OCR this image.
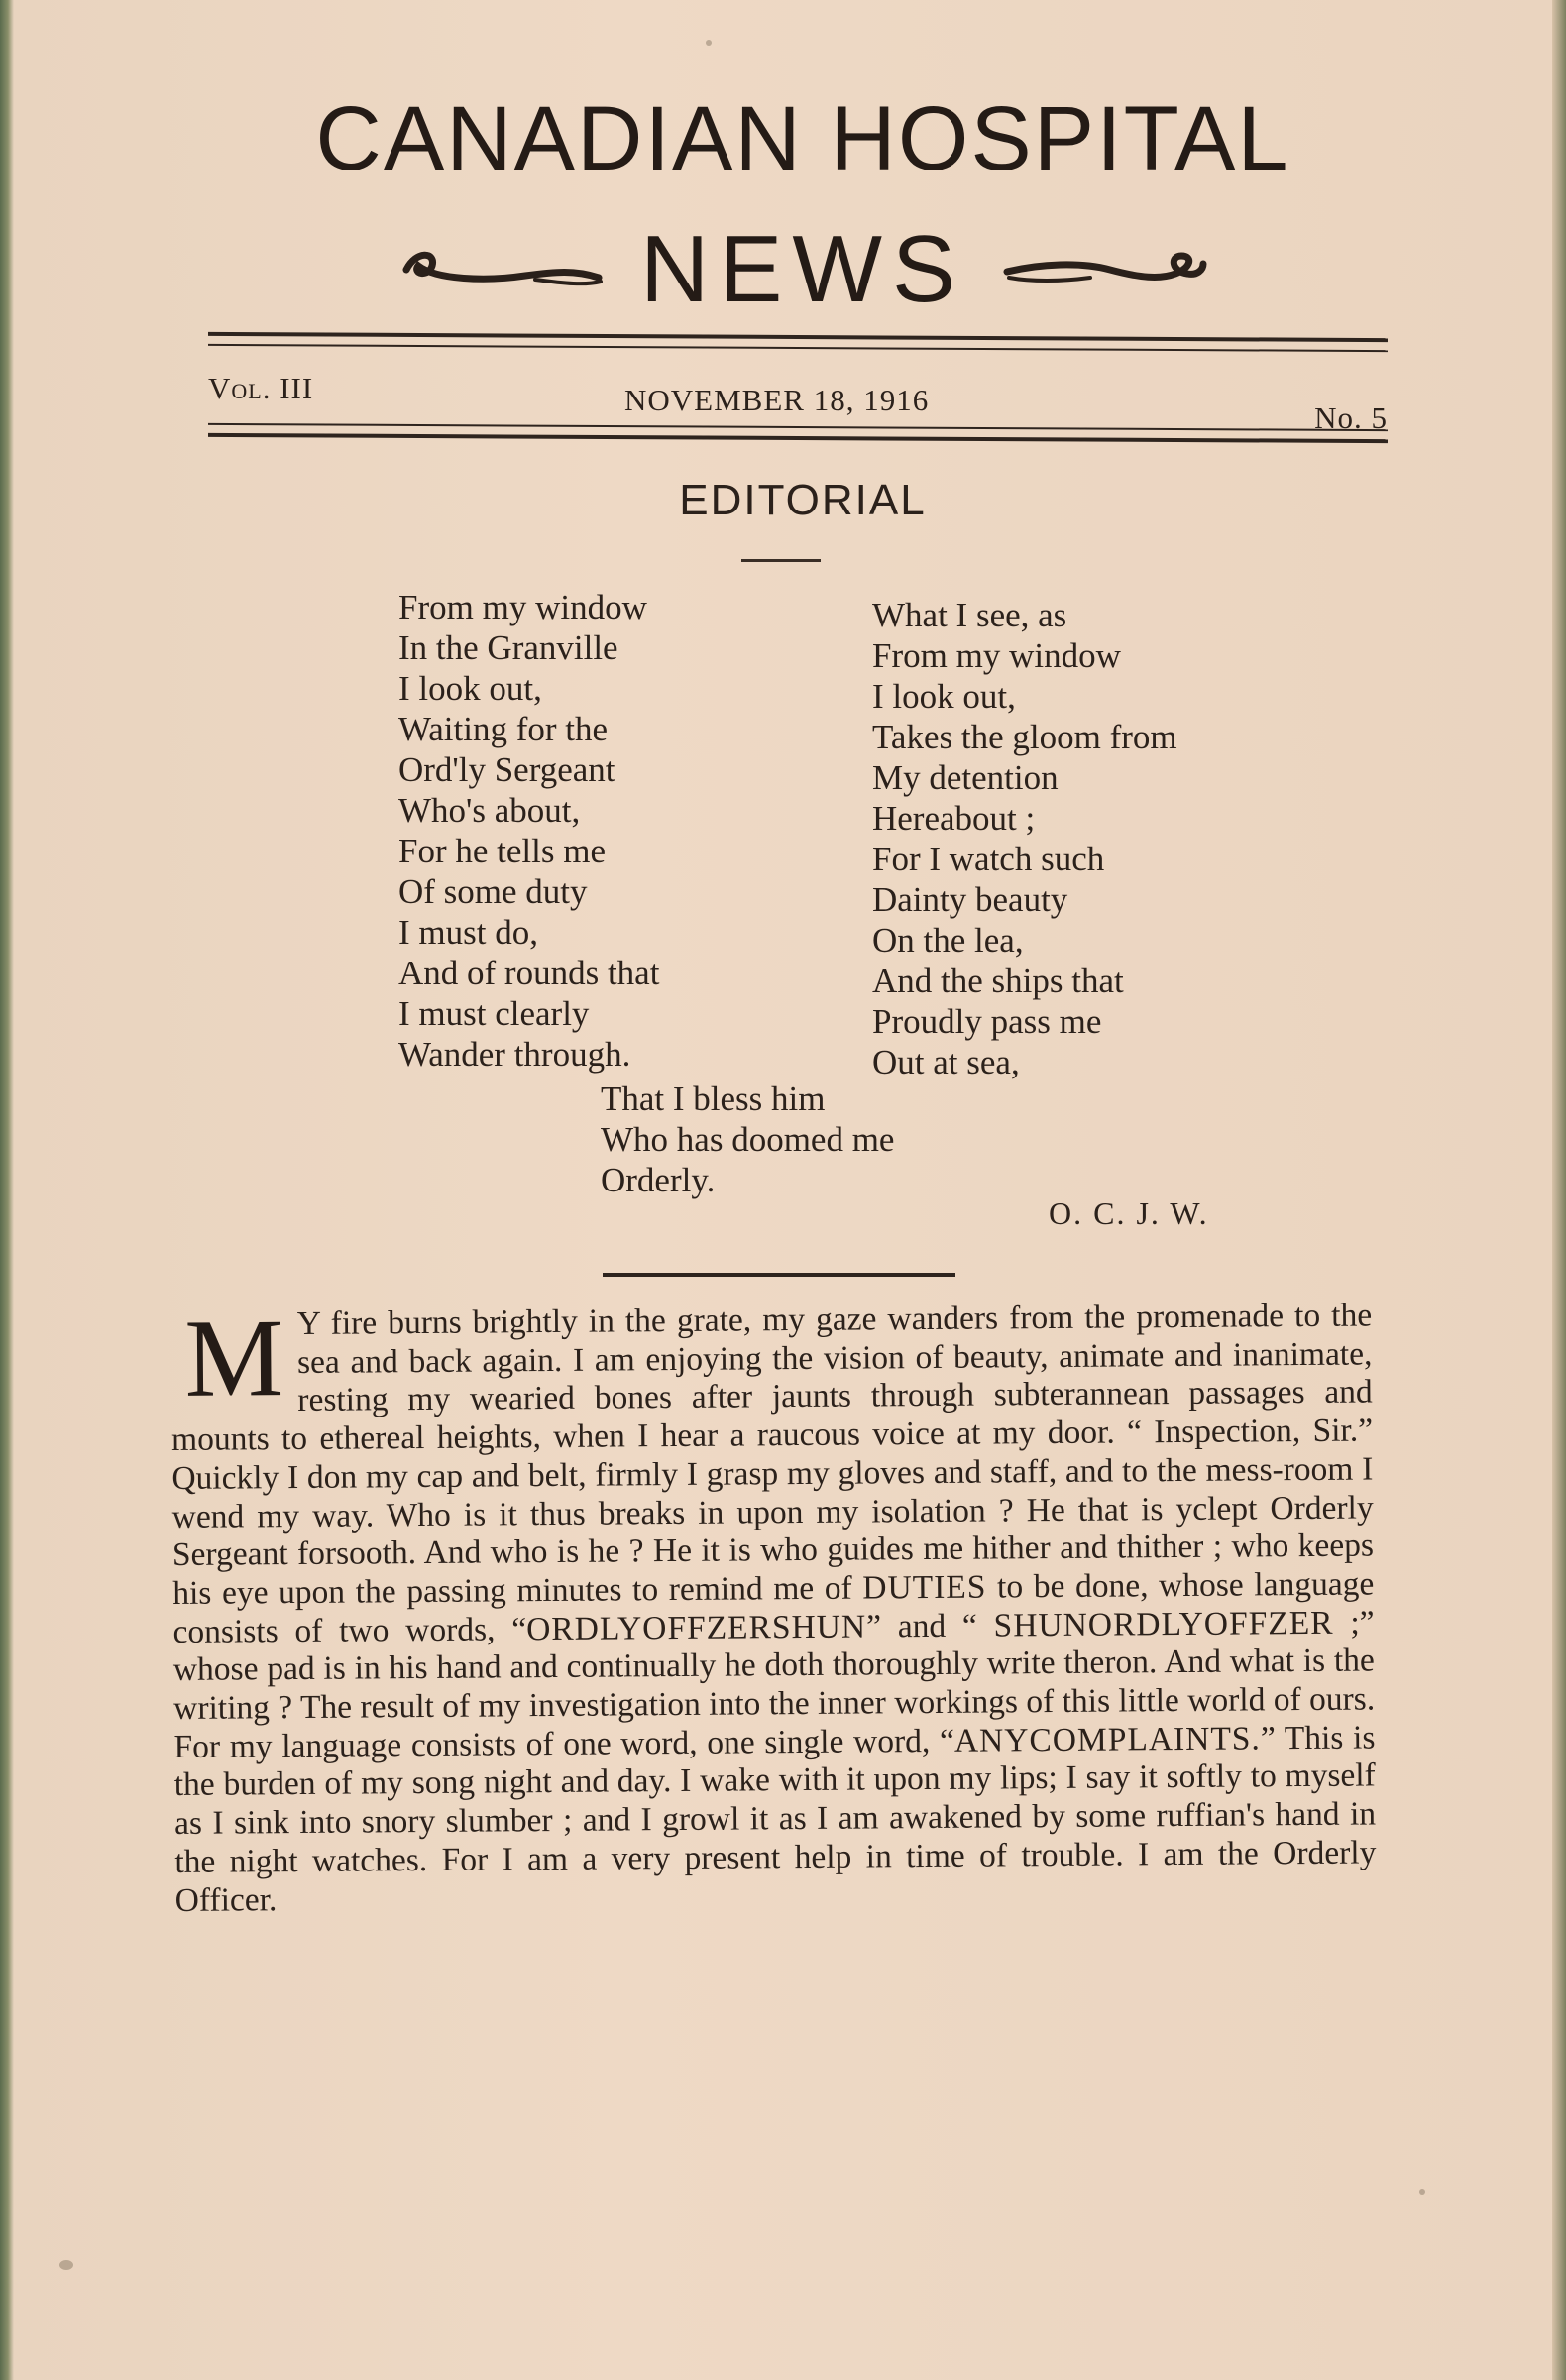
CANADIAN HOSPITAL
NEWS
Vol. III	NOVEMBER 18, 1916
No. 5
EDITORIAL
From my window
In the Granville
I look out,
Waiting for the
Ord'ly Sergeant
Who's about,
For he tells me
Of some duty
I must do,
And of rounds that
I must clearly
Wander through.
What I see, as
From my window
I look out,
Takes the gloom from
My detention
Hereabout ;
For I watch such
Dainty beauty
On the lea,
And the ships that
Proudly pass me
Out at sea,
That I bless him
Who has doomed me
Orderly.
O. C. J. W.
M Y fire burns brightly in the grate, my gaze wanders from the promenade to the sea and back again. I am enjoying the vision of beauty, animate and inanimate, resting my wearied bones after jaunts through subterannean passages and mounts to ethereal heights, when I hear a raucous voice at my door. “ Inspection, Sir.” Quickly I don my cap and belt, firmly I grasp my gloves and staff, and to the mess-room I wend my way. Who is it thus breaks in upon my isolation ? He that is yclept Orderly Sergeant forsooth. And who is he ? He it is who guides me hither and thither ; who keeps his eye upon the passing minutes to remind me of DUTIES to be done, whose language consists of two words, “ORDLYOFFZERSHUN” and “ SHUNORDLYOFFZER ;” whose pad is in his hand and continually he doth thoroughly write theron. And what is the writing ? The result of my investigation into the inner workings of this little world of ours. For my language consists of one word, one single word, “ANYCOMPLAINTS.” This is the burden of my song night and day. I wake with it upon my lips; I say it softly to myself as I sink into snory slumber ; and I growl it as I am awakened by some ruffian's hand in the night watches. For I am a very present help in time of trouble. I am the Orderly Officer.
